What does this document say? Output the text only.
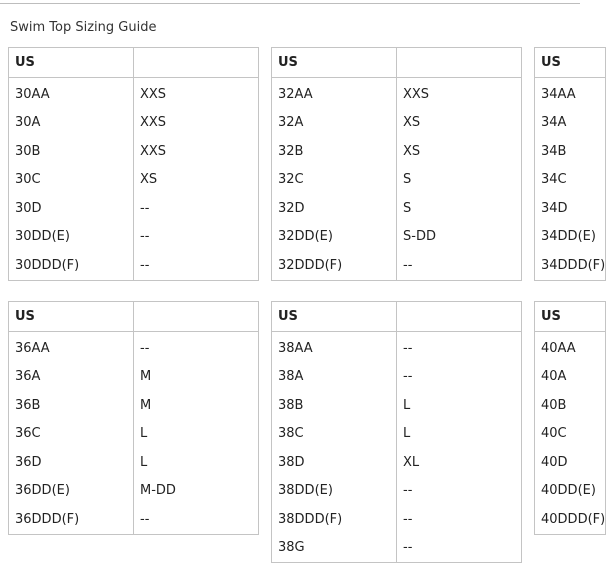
Swim Top Sizing Guide
US	
30AA	XXS
30A	XXS
30B	XXS
30C	XS
30D	--
30DD(E)	--
30DDD(F)	--
US	
32AA	XXS
32A	XS
32B	XS
32C	S
32D	S
32DD(E)	S-DD
32DDD(F)	--
US
34AA
34A
34B
34C
34D
34DD(E)
34DDD(F)
US	
36AA	--
36A	M
36B	M
36C	L
36D	L
36DD(E)	M-DD
36DDD(F)	--
US	
38AA	--
38A	--
38B	L
38C	L
38D	XL
38DD(E)	--
38DDD(F)	--
38G	--
US
40AA
40A
40B
40C
40D
40DD(E)
40DDD(F)
